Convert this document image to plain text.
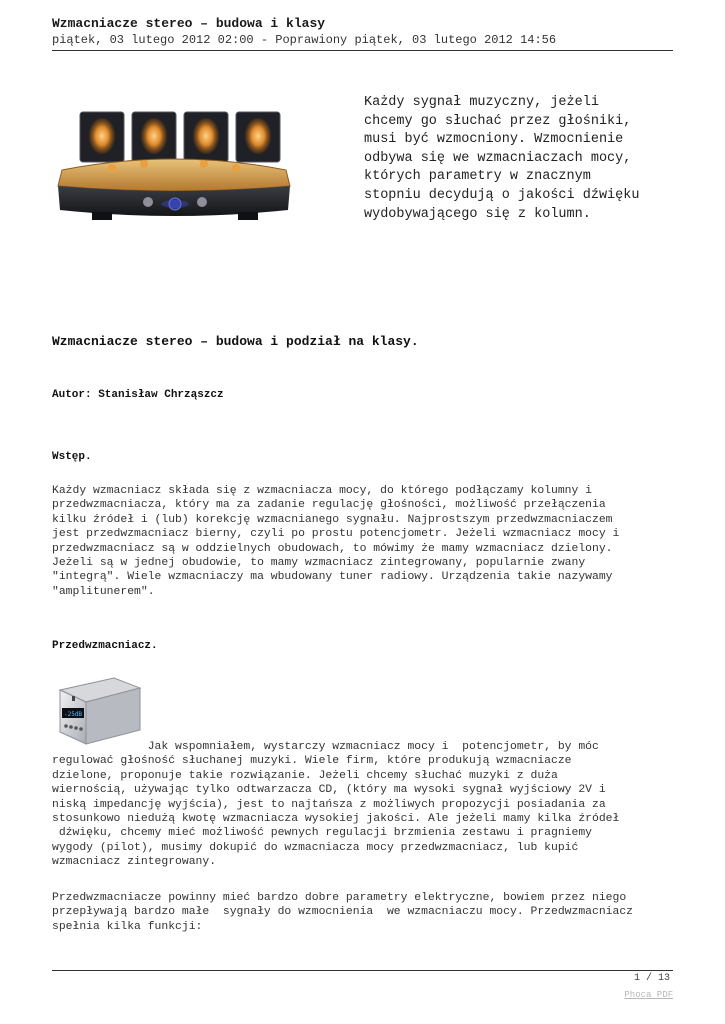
Wzmacniacze stereo – budowa i klasy
piątek, 03 lutego 2012 02:00 - Poprawiony piątek, 03 lutego 2012 14:56
Każdy sygnał muzyczny, jeżeli
chcemy go słuchać przez głośniki,
musi być wzmocniony. Wzmocnienie
odbywa się we wzmacniaczach mocy,
których parametry w znacznym
stopniu decydują o jakości dźwięku
wydobywającego się z kolumn.
Wzmacniacze stereo – budowa i podział na klasy.
Autor: Stanisław Chrząszcz
Wstęp.
Każdy wzmacniacz składa się z wzmacniacza mocy, do którego podłączamy kolumny i
przedwzmacniacza, który ma za zadanie regulację głośności, możliwość przełączenia
kilku źródeł i (lub) korekcję wzmacnianego sygnału. Najprostszym przedwzmacniaczem
jest przedwzmacniacz bierny, czyli po prostu potencjometr. Jeżeli wzmacniacz mocy i
przedwzmacniacz są w oddzielnych obudowach, to mówimy że mamy wzmacniacz dzielony.
Jeżeli są w jednej obudowie, to mamy wzmacniacz zintegrowany, popularnie zwany
"integrą". Wiele wzmacniaczy ma wbudowany tuner radiowy. Urządzenia takie nazywamy
"amplitunerem".
Przedwzmacniacz.
-25dB
Jak wspomniałem, wystarczy wzmacniacz mocy i  potencjometr, by móc
regulować głośność słuchanej muzyki. Wiele firm, które produkują wzmacniacze
dzielone, proponuje takie rozwiązanie. Jeżeli chcemy słuchać muzyki z duża
wiernością, używając tylko odtwarzacza CD, (który ma wysoki sygnał wyjściowy 2V i
niską impedancję wyjścia), jest to najtańsza z możliwych propozycji posiadania za
stosunkowo niedużą kwotę wzmacniacza wysokiej jakości. Ale jeżeli mamy kilka źródeł
dźwięku, chcemy mieć możliwość pewnych regulacji brzmienia zestawu i pragniemy
wygody (pilot), musimy dokupić do wzmacniacza mocy przedwzmacniacz, lub kupić
wzmacniacz zintegrowany.
Przedwzmacniacze powinny mieć bardzo dobre parametry elektryczne, bowiem przez niego
przepływają bardzo małe  sygnały do wzmocnienia  we wzmacniaczu mocy. Przedwzmacniacz
spełnia kilka funkcji:
1 / 13
Phoca PDF
